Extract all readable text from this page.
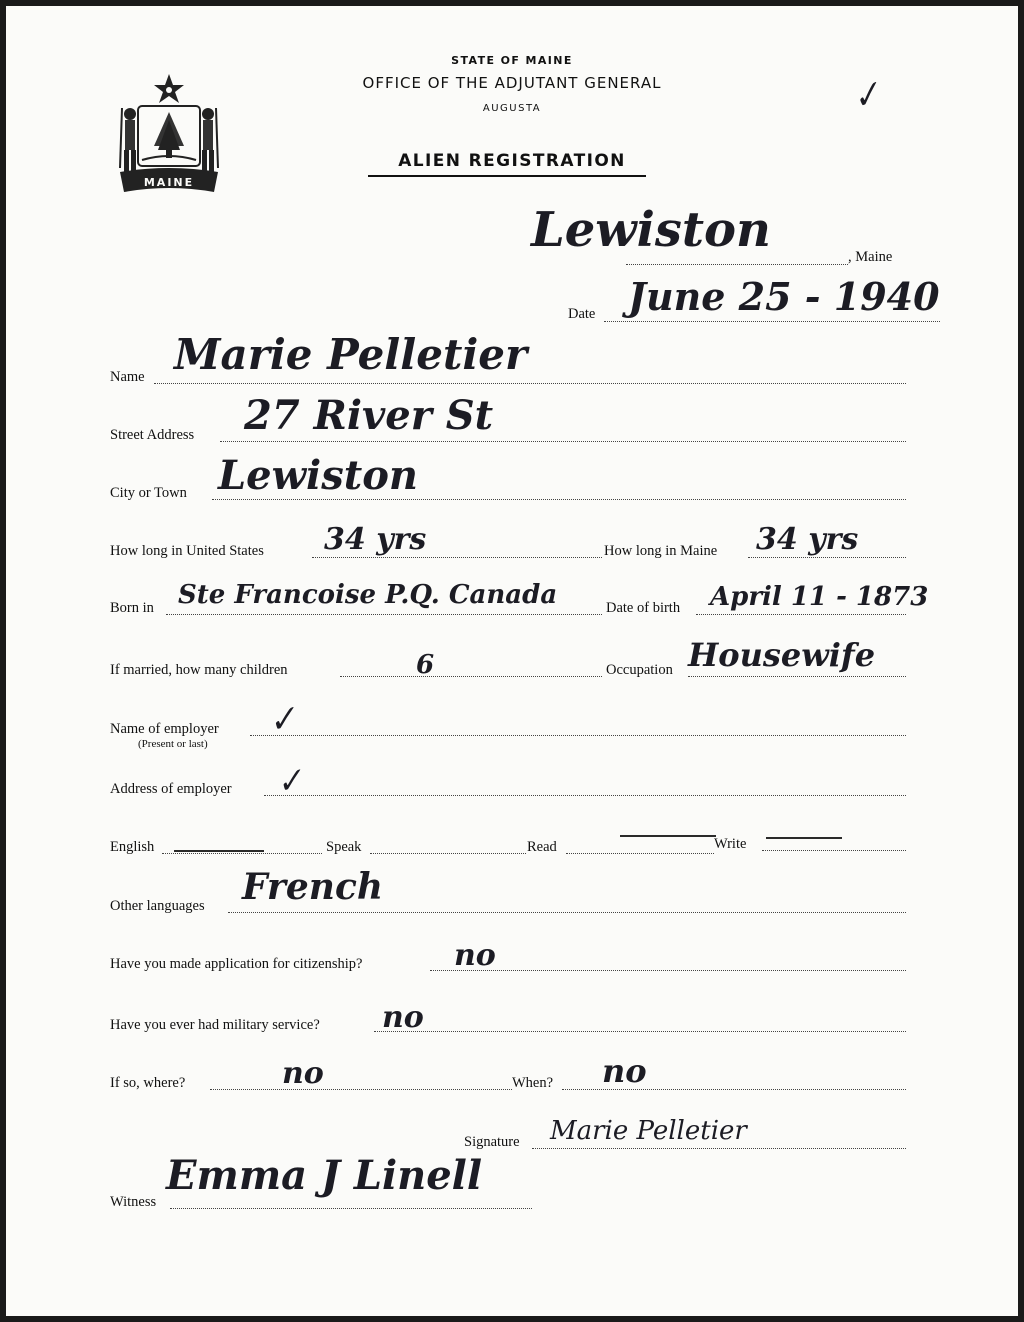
MAINE
STATE OF MAINE
OFFICE OF THE ADJUTANT GENERAL
AUGUSTA
ALIEN REGISTRATION
✓
Lewiston	, Maine
Date June 25 - 1940
Name Marie Pelletier
Street Address 27 River St
City or Town Lewiston
How long in United States 34 yrs	How long in Maine 34 yrs
Born in Ste Francoise P.Q. Canada	Date of birth April 11 - 1873
If married, how many children	6	Occupation Housewife
Name of employer
(Present or last)
✓
Address of employer ✓
English	Speak	Read	Write
Other languages French
Have you made application for citizenship?	no
Have you ever had military service? no
If so, where?	no	When? no
Signature Marie Pelletier
Witness
Emma J Linell
